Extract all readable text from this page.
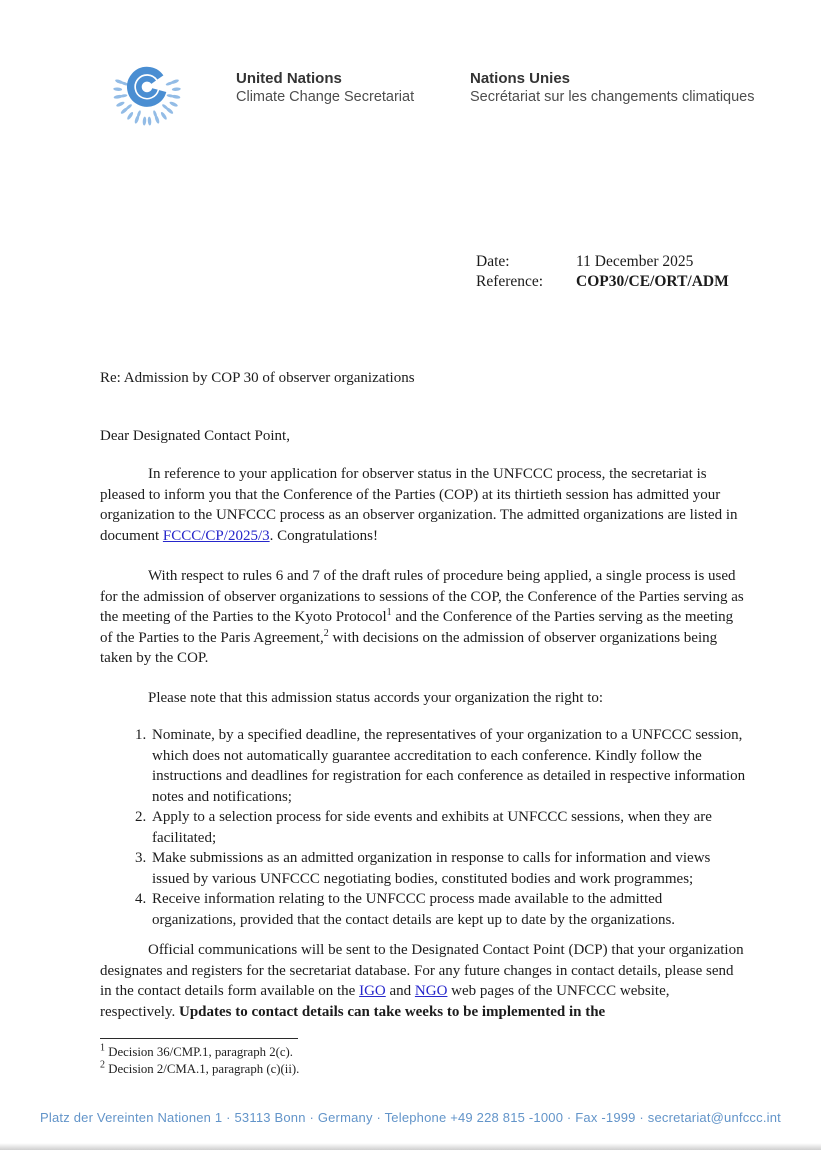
United Nations
Climate Change Secretariat
Nations Unies
Secrétariat sur les changements climatiques
Date:	11 December 2025
Reference:	COP30/CE/ORT/ADM

Re: Admission by COP 30 of observer organizations

Dear Designated Contact Point,

In reference to your application for observer status in the UNFCCC process, the secretariat is pleased to inform you that the Conference of the Parties (COP) at its thirtieth session has admitted your organization to the UNFCCC process as an observer organization. The admitted organizations are listed in document FCCC/CP/2025/3. Congratulations!

With respect to rules 6 and 7 of the draft rules of procedure being applied, a single process is used for the admission of observer organizations to sessions of the COP, the Conference of the Parties serving as the meeting of the Parties to the Kyoto Protocol$^1$ and the Conference of the Parties serving as the meeting of the Parties to the Paris Agreement,$^2$ with decisions on the admission of observer organizations being taken by the COP.

Please note that this admission status accords your organization the right to:

1. Nominate, by a specified deadline, the representatives of your organization to a UNFCCC session, which does not automatically guarantee accreditation to each conference. Kindly follow the instructions and deadlines for registration for each conference as detailed in respective information notes and notifications;
2. Apply to a selection process for side events and exhibits at UNFCCC sessions, when they are facilitated;
3. Make submissions as an admitted organization in response to calls for information and views issued by various UNFCCC negotiating bodies, constituted bodies and work programmes;
4. Receive information relating to the UNFCCC process made available to the admitted organizations, provided that the contact details are kept up to date by the organizations.

Official communications will be sent to the Designated Contact Point (DCP) that your organization designates and registers for the secretariat database. For any future changes in contact details, please send in the contact details form available on the IGO and NGO web pages of the UNFCCC website, respectively. Updates to contact details can take weeks to be implemented in the

$^1$ Decision 36/CMP.1, paragraph 2(c).

$^2$ Decision 2/CMA.1, paragraph (c)(ii).

Platz der Vereinten Nationen 1 · 53113 Bonn · Germany · Telephone +49 228 815 -1000 · Fax -1999 · secretariat@unfccc.int
